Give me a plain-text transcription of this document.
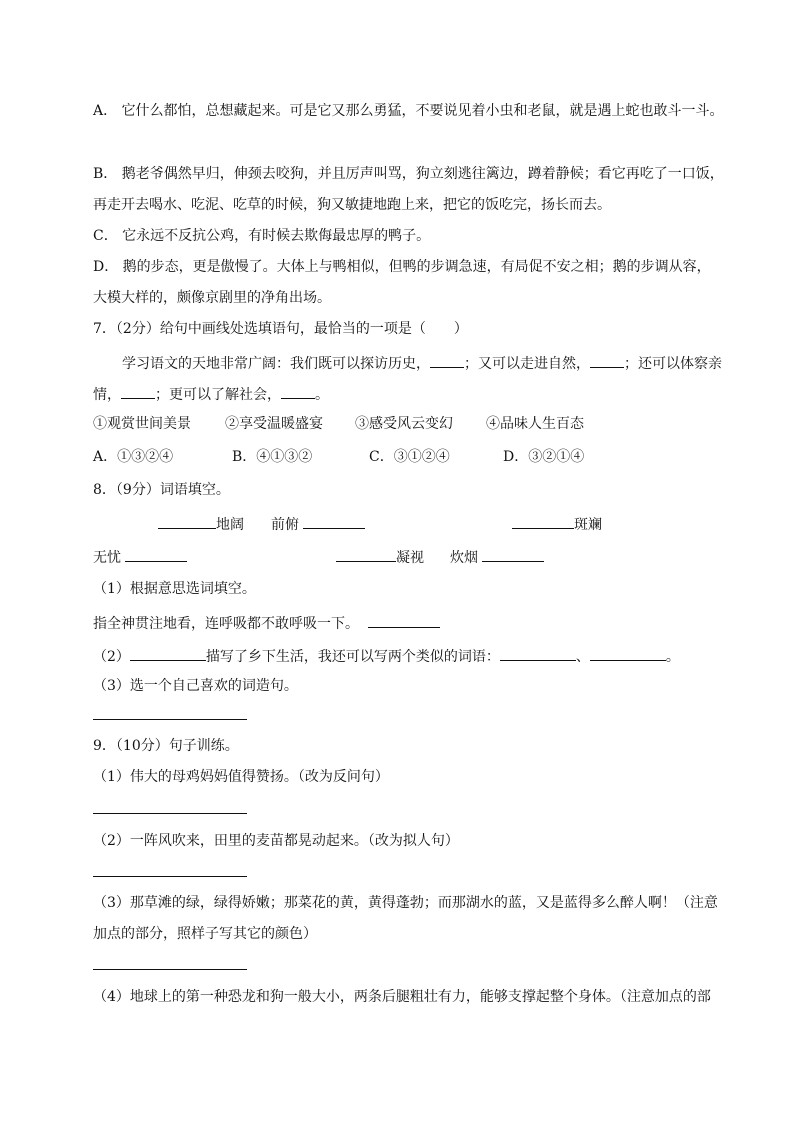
A． 它什么都怕，总想藏起来。可是它又那么勇猛，不要说见着小虫和老鼠，就是遇上蛇也敢斗一斗。
B． 鹅老爷偶然早归，伸颈去咬狗，并且厉声叫骂，狗立刻逃往篱边，蹲着静候；看它再吃了一口饭，
再走开去喝水、吃泥、吃草的时候，狗又敏捷地跑上来，把它的饭吃完，扬长而去。
C． 它永远不反抗公鸡，有时候去欺侮最忠厚的鸭子。
D． 鹅的步态，更是傲慢了。大体上与鸭相似，但鸭的步调急速，有局促不安之相；鹅的步调从容，
大模大样的，颇像京剧里的净角出场。
7．（2分）给句中画线处选填语句，最恰当的一项是（　　）
学习语文的天地非常广阔：我们既可以探访历史， ；又可以走进自然， ；还可以体察亲
情， ；更可以了解社会， 。
①观赏世间美景 ②享受温暖盛宴 ③感受风云变幻 ④品味人生百态
A．①③②④	B．④①③②	C．③①②④	D．③②①④
8．（9分）词语填空。
地阔 前俯	斑斓
无忧	凝视 炊烟
（1）根据意思选词填空。
指全神贯注地看，连呼吸都不敢呼吸一下。
（2）	描写了乡下生活，我还可以写两个类似的词语：	、	。
（3）选一个自己喜欢的词造句。
9．（10分）句子训练。
（1）伟大的母鸡妈妈值得赞扬。（改为反问句）
（2）一阵风吹来，田里的麦苗都晃动起来。（改为拟人句）
（3）那草滩的绿，绿得娇嫩；那菜花的黄，黄得蓬勃；而那湖水的蓝，又是蓝得多么醉人啊！（注意
加点的部分，照样子写其它的颜色）
（4）地球上的第一种恐龙和狗一般大小，两条后腿粗壮有力，能够支撑起整个身体。（注意加点的部
